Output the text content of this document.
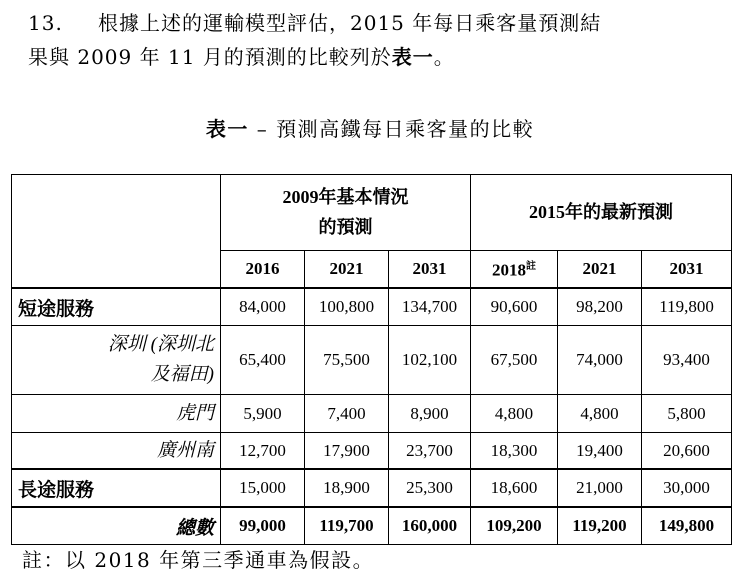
13. 根據上述的運輸模型評估，2015 年每日乘客量預測結
果與 2009 年 11 月的預測的比較列於表一。

表一 – 預測高鐵每日乘客量的比較

	2009年基本情況
的預測			2015年的最新預測		
	2016	2021	2031	$2018^註$	2021	2031
短途服務	84,000	100,800	134,700	90,600	98,200	119,800
深圳 (深圳北
及福田)	65,400	75,500	102,100	67,500	74,000	93,400
虎門	5,900	7,400	8,900	4,800	4,800	5,800
廣州南	12,700	17,900	23,700	18,300	19,400	20,600
長途服務	15,000	18,900	25,300	18,600	21,000	30,000
總數	99,000	119,700	160,000	109,200	119,200	149,800

註：以 2018 年第三季通車為假設。
